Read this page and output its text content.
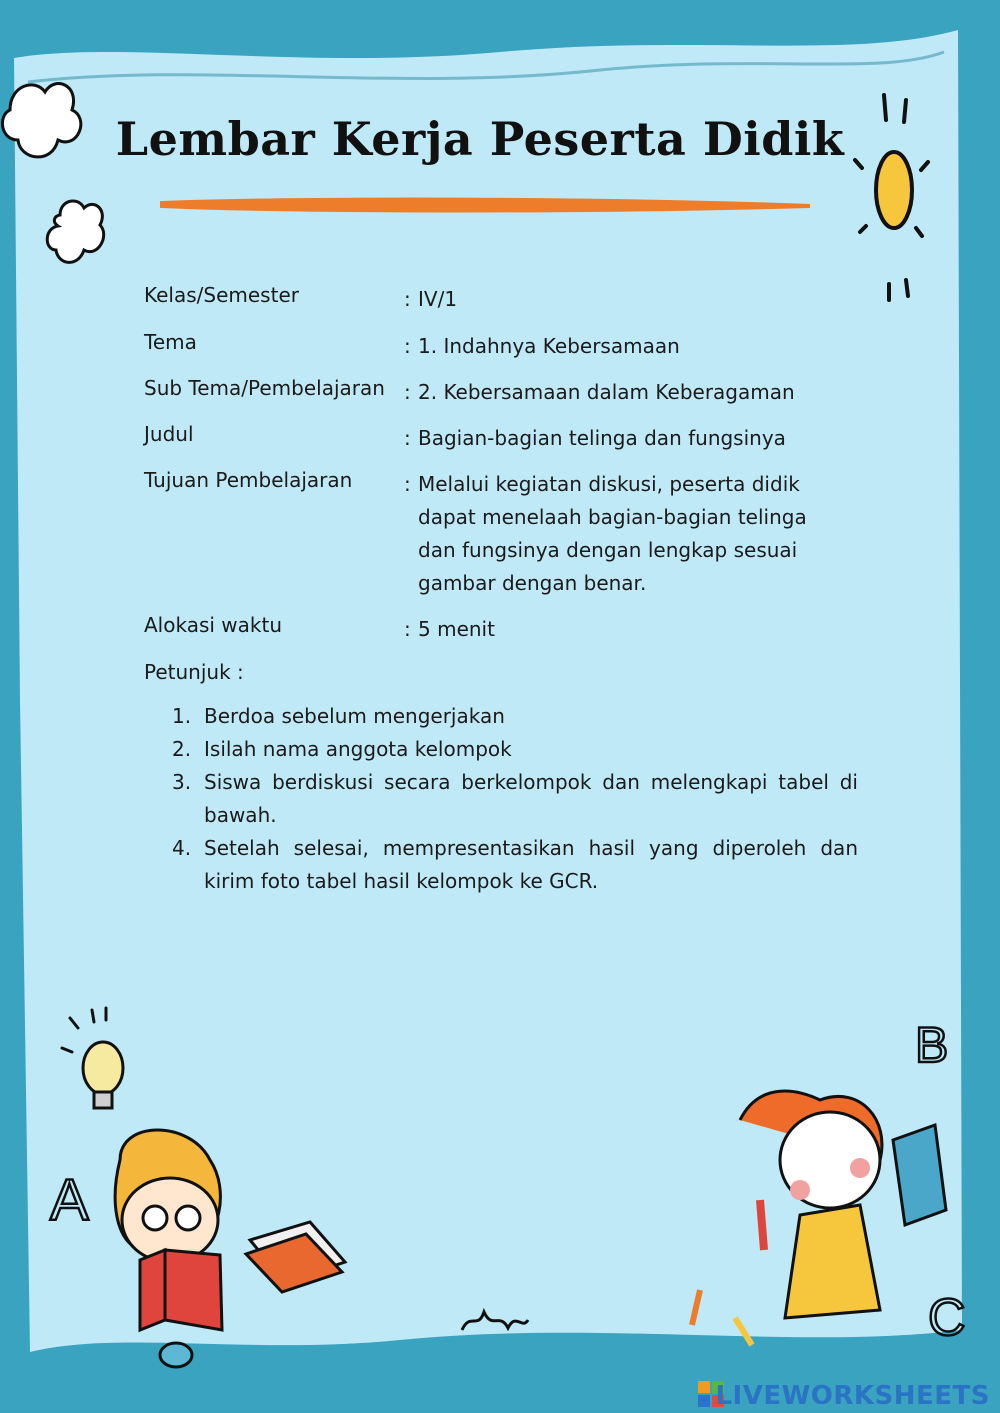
A
B
C
Lembar Kerja Peserta Didik
Kelas/Semester	: IV/1
Tema	: 1. Indahnya Kebersamaan
Sub Tema/Pembelajaran : 2. Kebersamaan dalam Keberagaman
Judul	: Bagian-bagian telinga dan fungsinya
Tujuan Pembelajaran	: Melalui kegiatan diskusi, peserta didik dapat menelaah bagian-bagian telinga dan fungsinya dengan lengkap sesuai gambar dengan benar.
Alokasi waktu	: 5 menit
Petunjuk :
1. Berdoa sebelum mengerjakan
2. Isilah nama anggota kelompok
3. Siswa berdiskusi secara berkelompok dan melengkapi tabel di bawah.
4. Setelah selesai, mempresentasikan hasil yang diperoleh dan kirim foto tabel hasil kelompok ke GCR.
LIVEWORKSHEETS
